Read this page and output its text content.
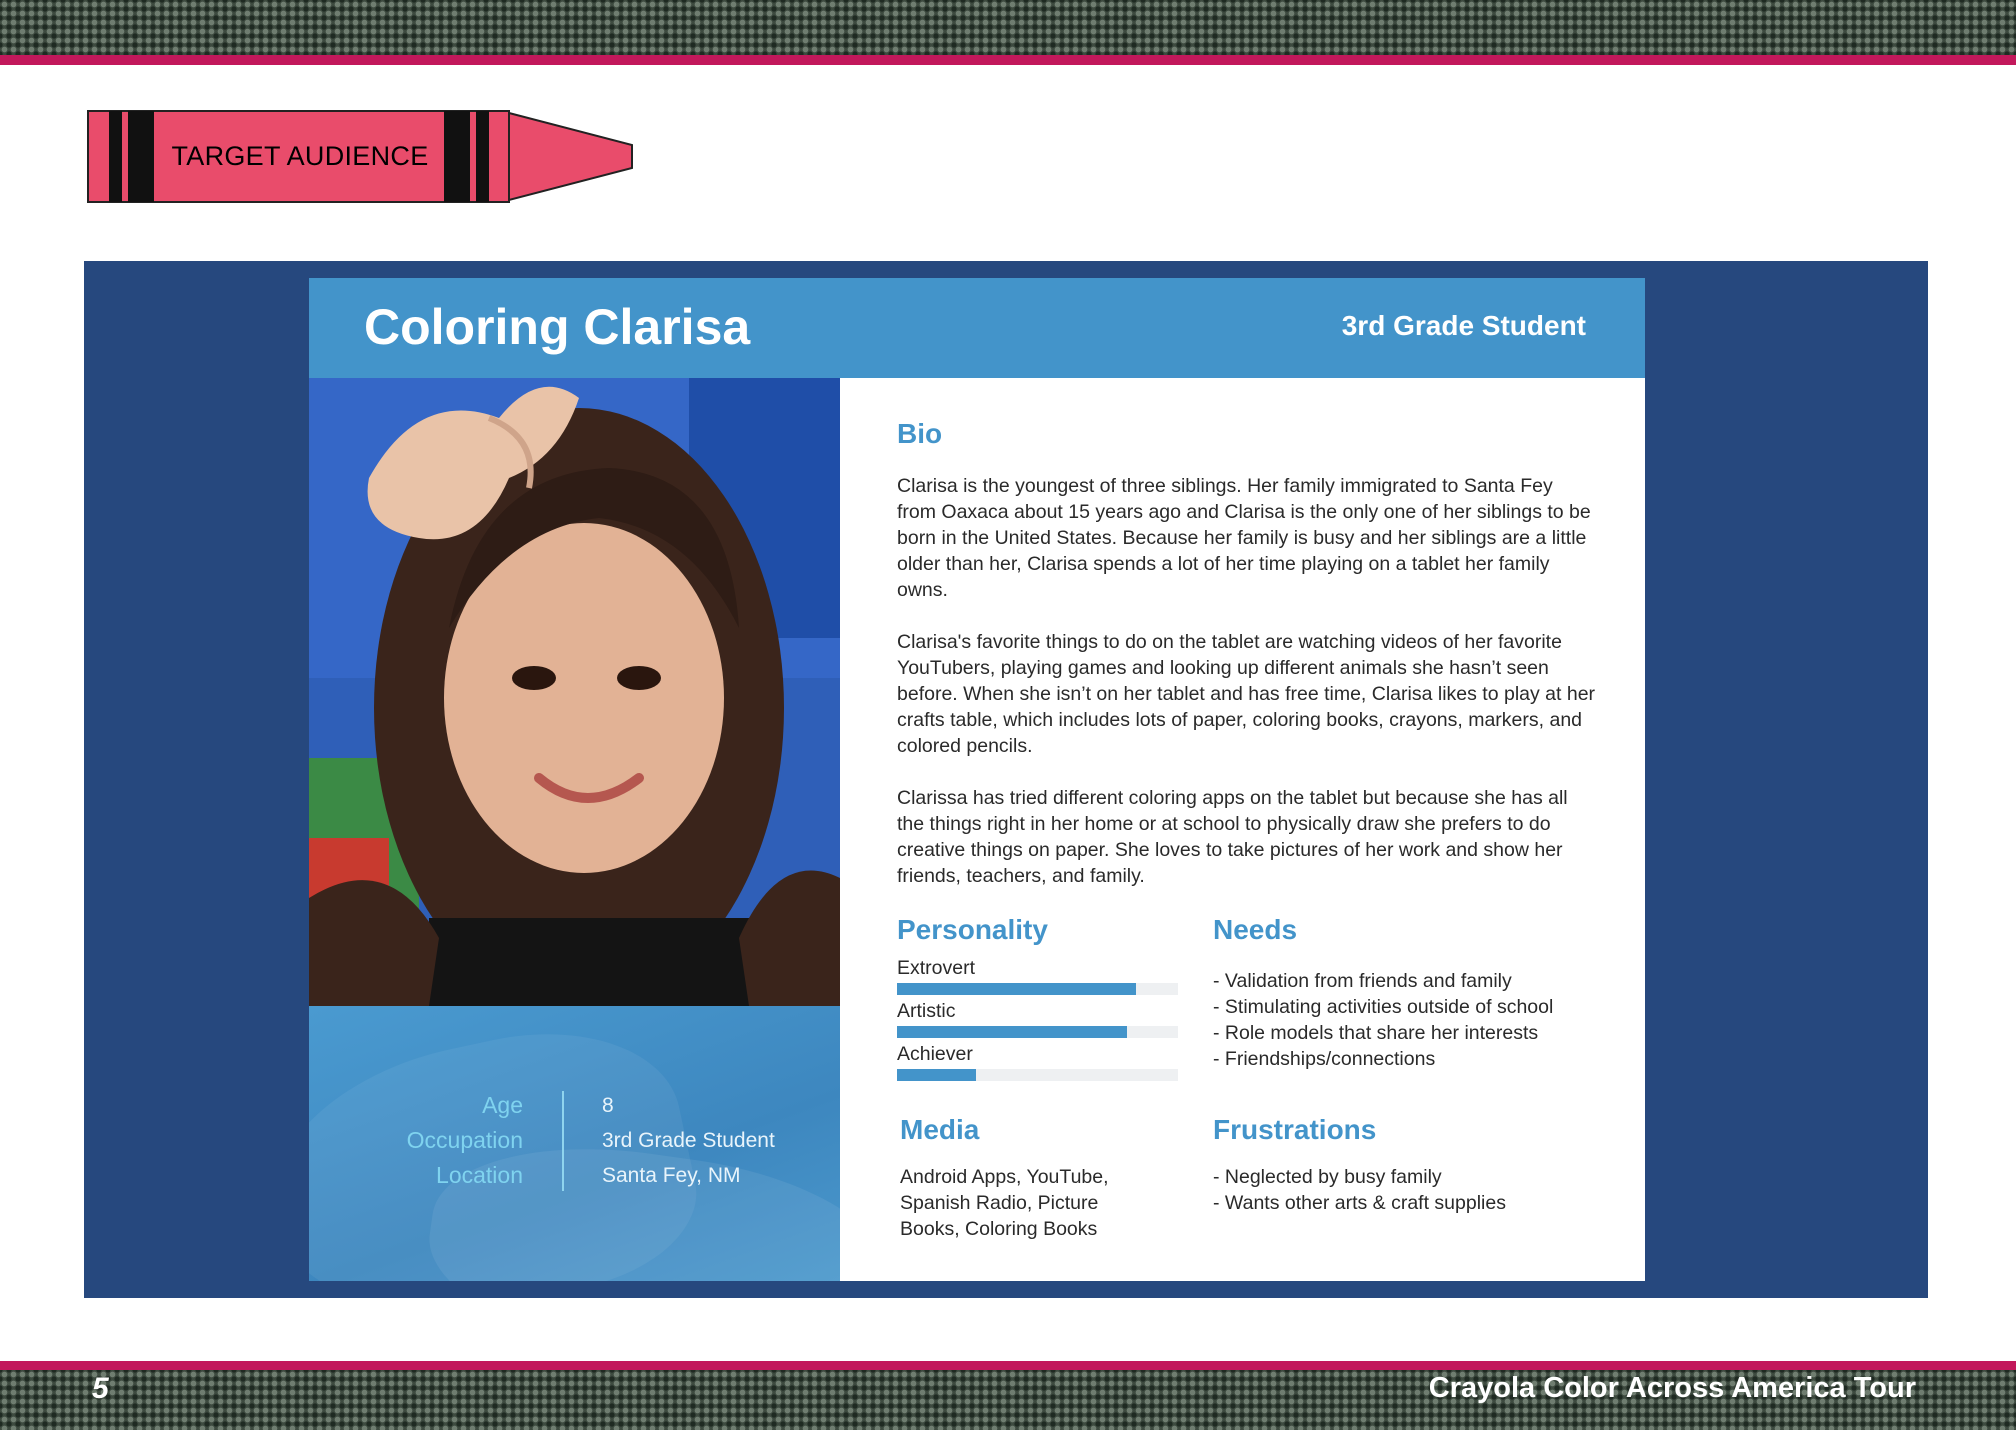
TARGET AUDIENCE
Coloring Clarisa	3rd Grade Student
Age
Occupation
Location
8
3rd Grade Student
Santa Fey, NM
Bio

Clarisa is the youngest of three siblings. Her family immigrated to Santa Fey from Oaxaca about 15 years ago and Clarisa is the only one of her siblings to be born in the United States. Because her family is busy and her siblings are a little older than her, Clarisa spends a lot of her time playing on a tablet her family owns.

Clarisa's favorite things to do on the tablet are watching videos of her favorite YouTubers, playing games and looking up different animals she hasn’t seen before. When she isn’t on her tablet and has free time, Clarisa likes to play at her crafts table, which includes lots of paper, coloring books, crayons, markers, and colored pencils.

Clarissa has tried different coloring apps on the tablet but because she has all the things right in her home or at school to physically draw she prefers to do creative things on paper. She loves to take pictures of her work and show her friends, teachers, and family.

Personality
Extrovert
Artistic
Achiever
Needs
- Validation from friends and family
- Stimulating activities outside of school
- Role models that share her interests
- Friendships/connections
Media
Android Apps, YouTube, Spanish Radio, Picture Books, Coloring Books
Frustrations
- Neglected by busy family
- Wants other arts & craft supplies
5	Crayola Color Across America Tour
